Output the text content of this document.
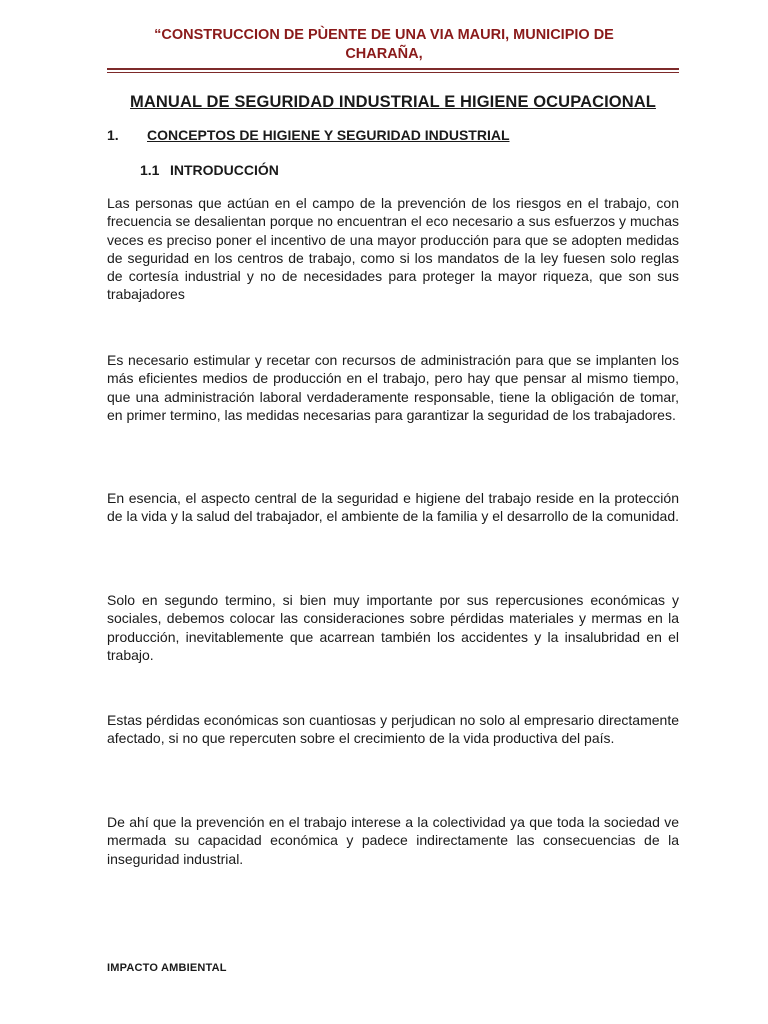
“CONSTRUCCION DE PÙENTE DE UNA VIA MAURI, MUNICIPIO DE CHARAÑA,
MANUAL DE SEGURIDAD INDUSTRIAL E HIGIENE OCUPACIONAL
1. CONCEPTOS DE HIGIENE Y SEGURIDAD INDUSTRIAL
1.1 INTRODUCCIÓN

Las personas que actúan en el campo de la prevención de los riesgos en el trabajo, con frecuencia se desalientan porque no encuentran el eco necesario a sus esfuerzos y muchas veces es preciso poner el incentivo de una mayor producción para que se adopten medidas de seguridad en los centros de trabajo, como si los mandatos de la ley fuesen solo reglas de cortesía industrial y no de necesidades para proteger la mayor riqueza, que son sus trabajadores

Es necesario estimular y recetar con recursos de administración para que se implanten los más eficientes medios de producción en el trabajo, pero hay que pensar al mismo tiempo, que una administración laboral verdaderamente responsable, tiene la obligación de tomar, en primer termino, las medidas necesarias para garantizar la seguridad de los trabajadores.

En esencia, el aspecto central de la seguridad e higiene del trabajo reside en la protección de la vida y la salud del trabajador, el ambiente de la familia y el desarrollo de la comunidad.

Solo en segundo termino, si bien muy importante por sus repercusiones económicas y sociales, debemos colocar las consideraciones sobre pérdidas materiales y mermas en la producción, inevitablemente que acarrean también los accidentes y la insalubridad en el trabajo.

Estas pérdidas económicas son cuantiosas y perjudican no solo al empresario directamente afectado, si no que repercuten sobre el crecimiento de la vida productiva del país.

De ahí que la prevención en el trabajo interese a la colectividad ya que toda la sociedad ve mermada su capacidad económica y padece indirectamente las consecuencias de la inseguridad industrial.

IMPACTO AMBIENTAL
